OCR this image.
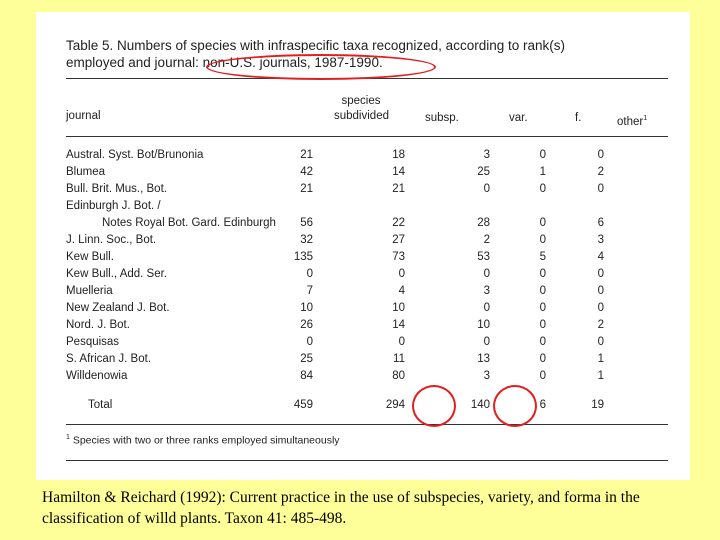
Table 5. Numbers of species with infraspecific taxa recognized, according to rank(s)
employed and journal: non-U.S. journals, 1987-1990.
journal
species
subdivided	subsp.	var.	f.	other$^1$
Austral. Syst. Bot/Brunonia	21	18	3	0	0
Blumea	42	14	25	1	2
Bull. Brit. Mus., Bot.	21	21	0	0	0
Edinburgh J. Bot. /
Notes Royal Bot. Gard. Edinburgh 56	22	28	0	6
J. Linn. Soc., Bot.	32	27	2	0	3
Kew Bull.	135	73	53	5	4
Kew Bull., Add. Ser.	0	0	0	0	0
Muelleria	7	4	3	0	0
New Zealand J. Bot.	10	10	0	0	0
Nord. J. Bot.	26	14	10	0	2
Pesquisas	0	0	0	0	0
S. African J. Bot.	25	11	13	0	1
Willdenowia	84	80	3	0	1
Total	459	294	140	6	19
$^1$ Species with two or three ranks employed simultaneously
Hamilton & Reichard (1992): Current practice in the use of subspecies, variety, and forma in the classification of willd plants. Taxon 41: 485-498.
